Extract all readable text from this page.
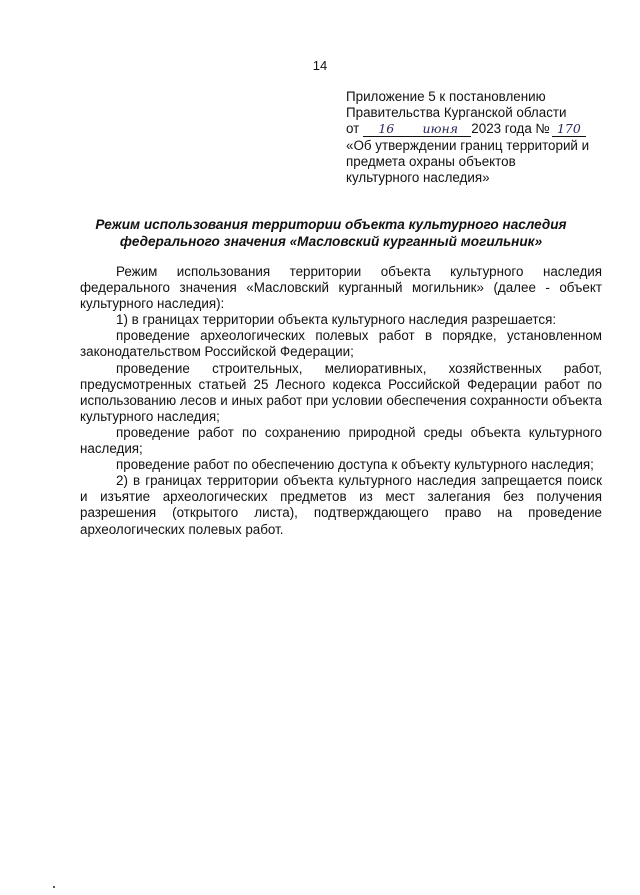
14
Приложение 5 к постановлению
Правительства Курганской области
от 16 июня 2023 года № 170
«Об утверждении границ территорий и
предмета охраны объектов
культурного наследия»
Режим использования территории объекта культурного наследия
федерального значения «Масловский курганный могильник»

Режим использования территории объекта культурного наследия федерального значения «Масловский курганный могильник» (далее - объект культурного наследия):

1) в границах территории объекта культурного наследия разрешается:

проведение археологических полевых работ в порядке, установленном законодательством Российской Федерации;

проведение строительных, мелиоративных, хозяйственных работ, предусмотренных статьей 25 Лесного кодекса Российской Федерации работ по использованию лесов и иных работ при условии обеспечения сохранности объекта культурного наследия;

проведение работ по сохранению природной среды объекта культурного наследия;

проведение работ по обеспечению доступа к объекту культурного наследия;

2) в границах территории объекта культурного наследия запрещается поиск и изъятие археологических предметов из мест залегания без получения разрешения (открытого листа), подтверждающего право на проведение археологических полевых работ.
